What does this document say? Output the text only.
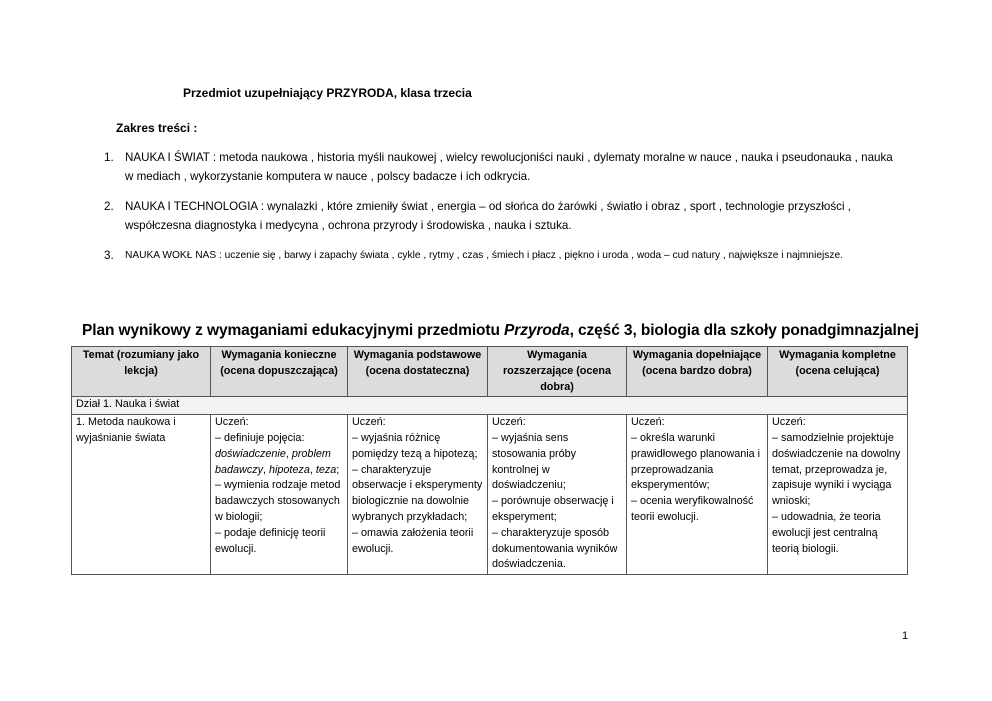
Przedmiot uzupełniający PRZYRODA, klasa trzecia

Zakres treści :

1. NAUKA I ŚWIAT : metoda naukowa , historia myśli naukowej , wielcy rewolucjoniści nauki , dylematy moralne w nauce , nauka i pseudonauka , nauka w mediach , wykorzystanie komputera w nauce , polscy badacze i ich odkrycia.
2. NAUKA I TECHNOLOGIA : wynalazki , które zmieniły świat , energia – od słońca do żarówki , światło i obraz , sport , technologie przyszłości , współczesna diagnostyka i medycyna , ochrona przyrody i środowiska , nauka i sztuka.
3. NAUKA WOKŁ NAS : uczenie się , barwy i zapachy świata , cykle , rytmy , czas , śmiech i płacz , piękno i uroda , woda – cud natury , największe i najmniejsze.
Plan wynikowy z wymaganiami edukacyjnymi przedmiotu Przyroda, część 3, biologia dla szkoły ponadgimnazjalnej
Temat (rozumiany jako lekcja)	Wymagania konieczne (ocena dopuszczająca)	Wymagania podstawowe (ocena dostateczna)	Wymagania rozszerzające (ocena dobra)	Wymagania dopełniające (ocena bardzo dobra)	Wymagania kompletne (ocena celująca)
Dział 1. Nauka i świat					
1. Metoda naukowa i wyjaśnianie świata	Uczeń:
– definiuje pojęcia: doświadczenie, problem badawczy, hipoteza, teza;
– wymienia rodzaje metod badawczych stosowanych w biologii;
– podaje definicję teorii ewolucji.	Uczeń:
– wyjaśnia różnicę pomiędzy tezą a hipotezą;
– charakteryzuje obserwacje i eksperymenty biologicznie na dowolnie wybranych przykładach;
– omawia założenia teorii ewolucji.	Uczeń:
– wyjaśnia sens stosowania próby kontrolnej w doświadczeniu;
– porównuje obserwację i eksperyment;
– charakteryzuje sposób dokumentowania wyników doświadczenia.	Uczeń:
– określa warunki prawidłowego planowania i przeprowadzania eksperymentów;
– ocenia weryfikowalność teorii ewolucji.	Uczeń:
– samodzielnie projektuje doświadczenie na dowolny temat, przeprowadza je, zapisuje wyniki i wyciąga wnioski;
– udowadnia, że teoria ewolucji jest centralną teorią biologii.

1
